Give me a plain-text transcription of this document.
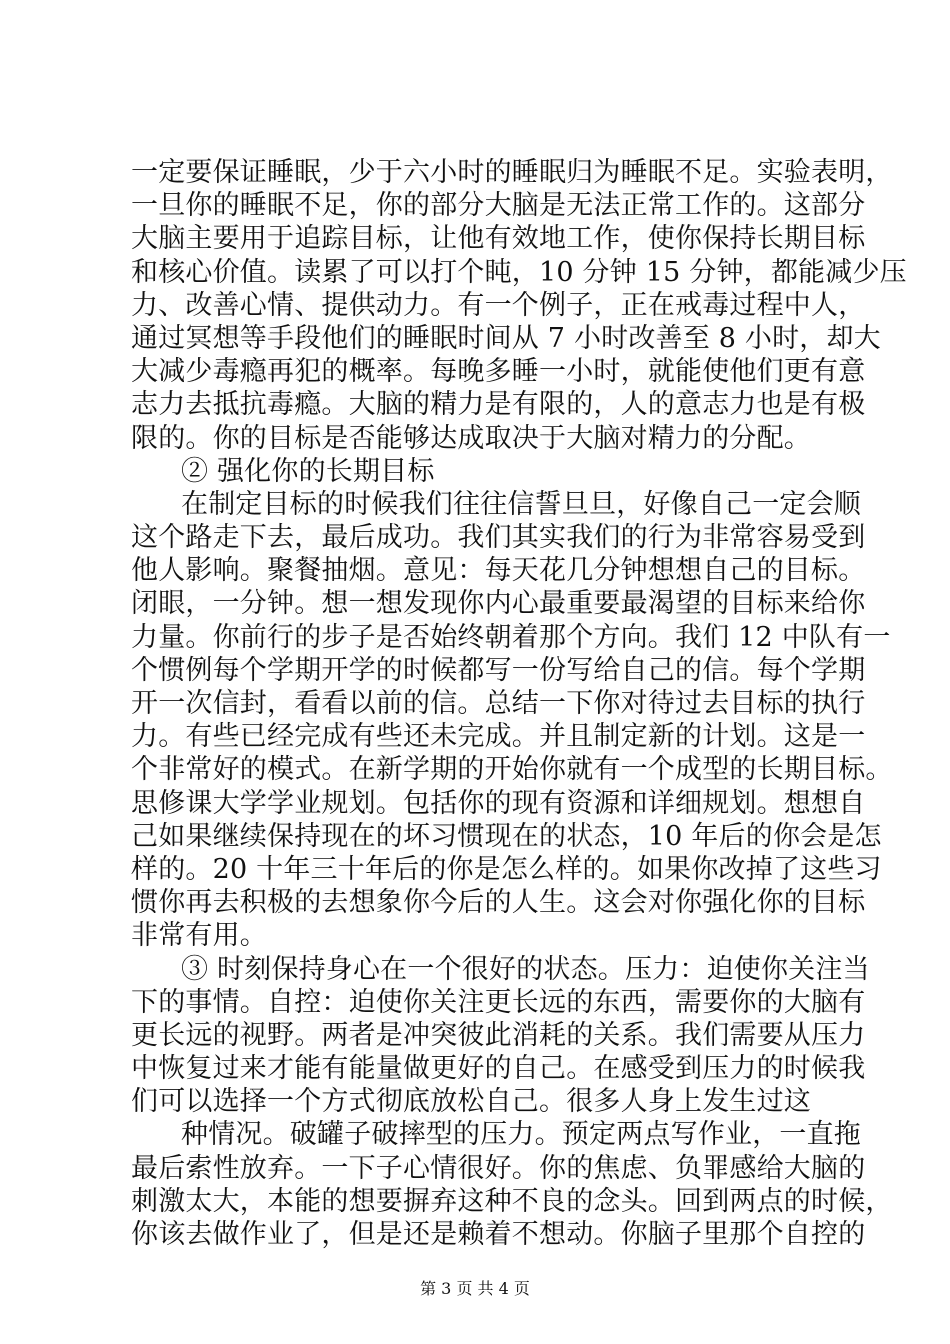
一定要保证睡眠，少于六小时的睡眠归为睡眠不足。实验表明，
一旦你的睡眠不足，你的部分大脑是无法正常工作的。这部分
大脑主要用于追踪目标，让他有效地工作，使你保持长期目标
和核心价值。读累了可以打个盹，10 分钟 15 分钟，都能减少压
力、改善心情、提供动力。有一个例子，正在戒毒过程中人，
通过冥想等手段他们的睡眠时间从 7 小时改善至 8 小时，却大
大减少毒瘾再犯的概率。每晚多睡一小时，就能使他们更有意
志力去抵抗毒瘾。大脑的精力是有限的，人的意志力也是有极
限的。你的目标是否能够达成取决于大脑对精力的分配。
② 强化你的长期目标
在制定目标的时候我们往往信誓旦旦，好像自己一定会顺
这个路走下去，最后成功。我们其实我们的行为非常容易受到
他人影响。聚餐抽烟。意见：每天花几分钟想想自己的目标。
闭眼，一分钟。想一想发现你内心最重要最渴望的目标来给你
力量。你前行的步子是否始终朝着那个方向。我们 12 中队有一
个惯例每个学期开学的时候都写一份写给自己的信。每个学期
开一次信封，看看以前的信。总结一下你对待过去目标的执行
力。有些已经完成有些还未完成。并且制定新的计划。这是一
个非常好的模式。在新学期的开始你就有一个成型的长期目标。
思修课大学学业规划。包括你的现有资源和详细规划。想想自
己如果继续保持现在的坏习惯现在的状态，10 年后的你会是怎
样的。20 十年三十年后的你是怎么样的。如果你改掉了这些习
惯你再去积极的去想象你今后的人生。这会对你强化你的目标
非常有用。
③ 时刻保持身心在一个很好的状态。压力：迫使你关注当
下的事情。自控：迫使你关注更长远的东西，需要你的大脑有
更长远的视野。两者是冲突彼此消耗的关系。我们需要从压力
中恢复过来才能有能量做更好的自己。在感受到压力的时候我
们可以选择一个方式彻底放松自己。很多人身上发生过这
种情况。破罐子破摔型的压力。预定两点写作业，一直拖
最后索性放弃。一下子心情很好。你的焦虑、负罪感给大脑的
刺激太大，本能的想要摒弃这种不良的念头。回到两点的时候，
你该去做作业了，但是还是赖着不想动。你脑子里那个自控的
第 3 页 共 4 页
